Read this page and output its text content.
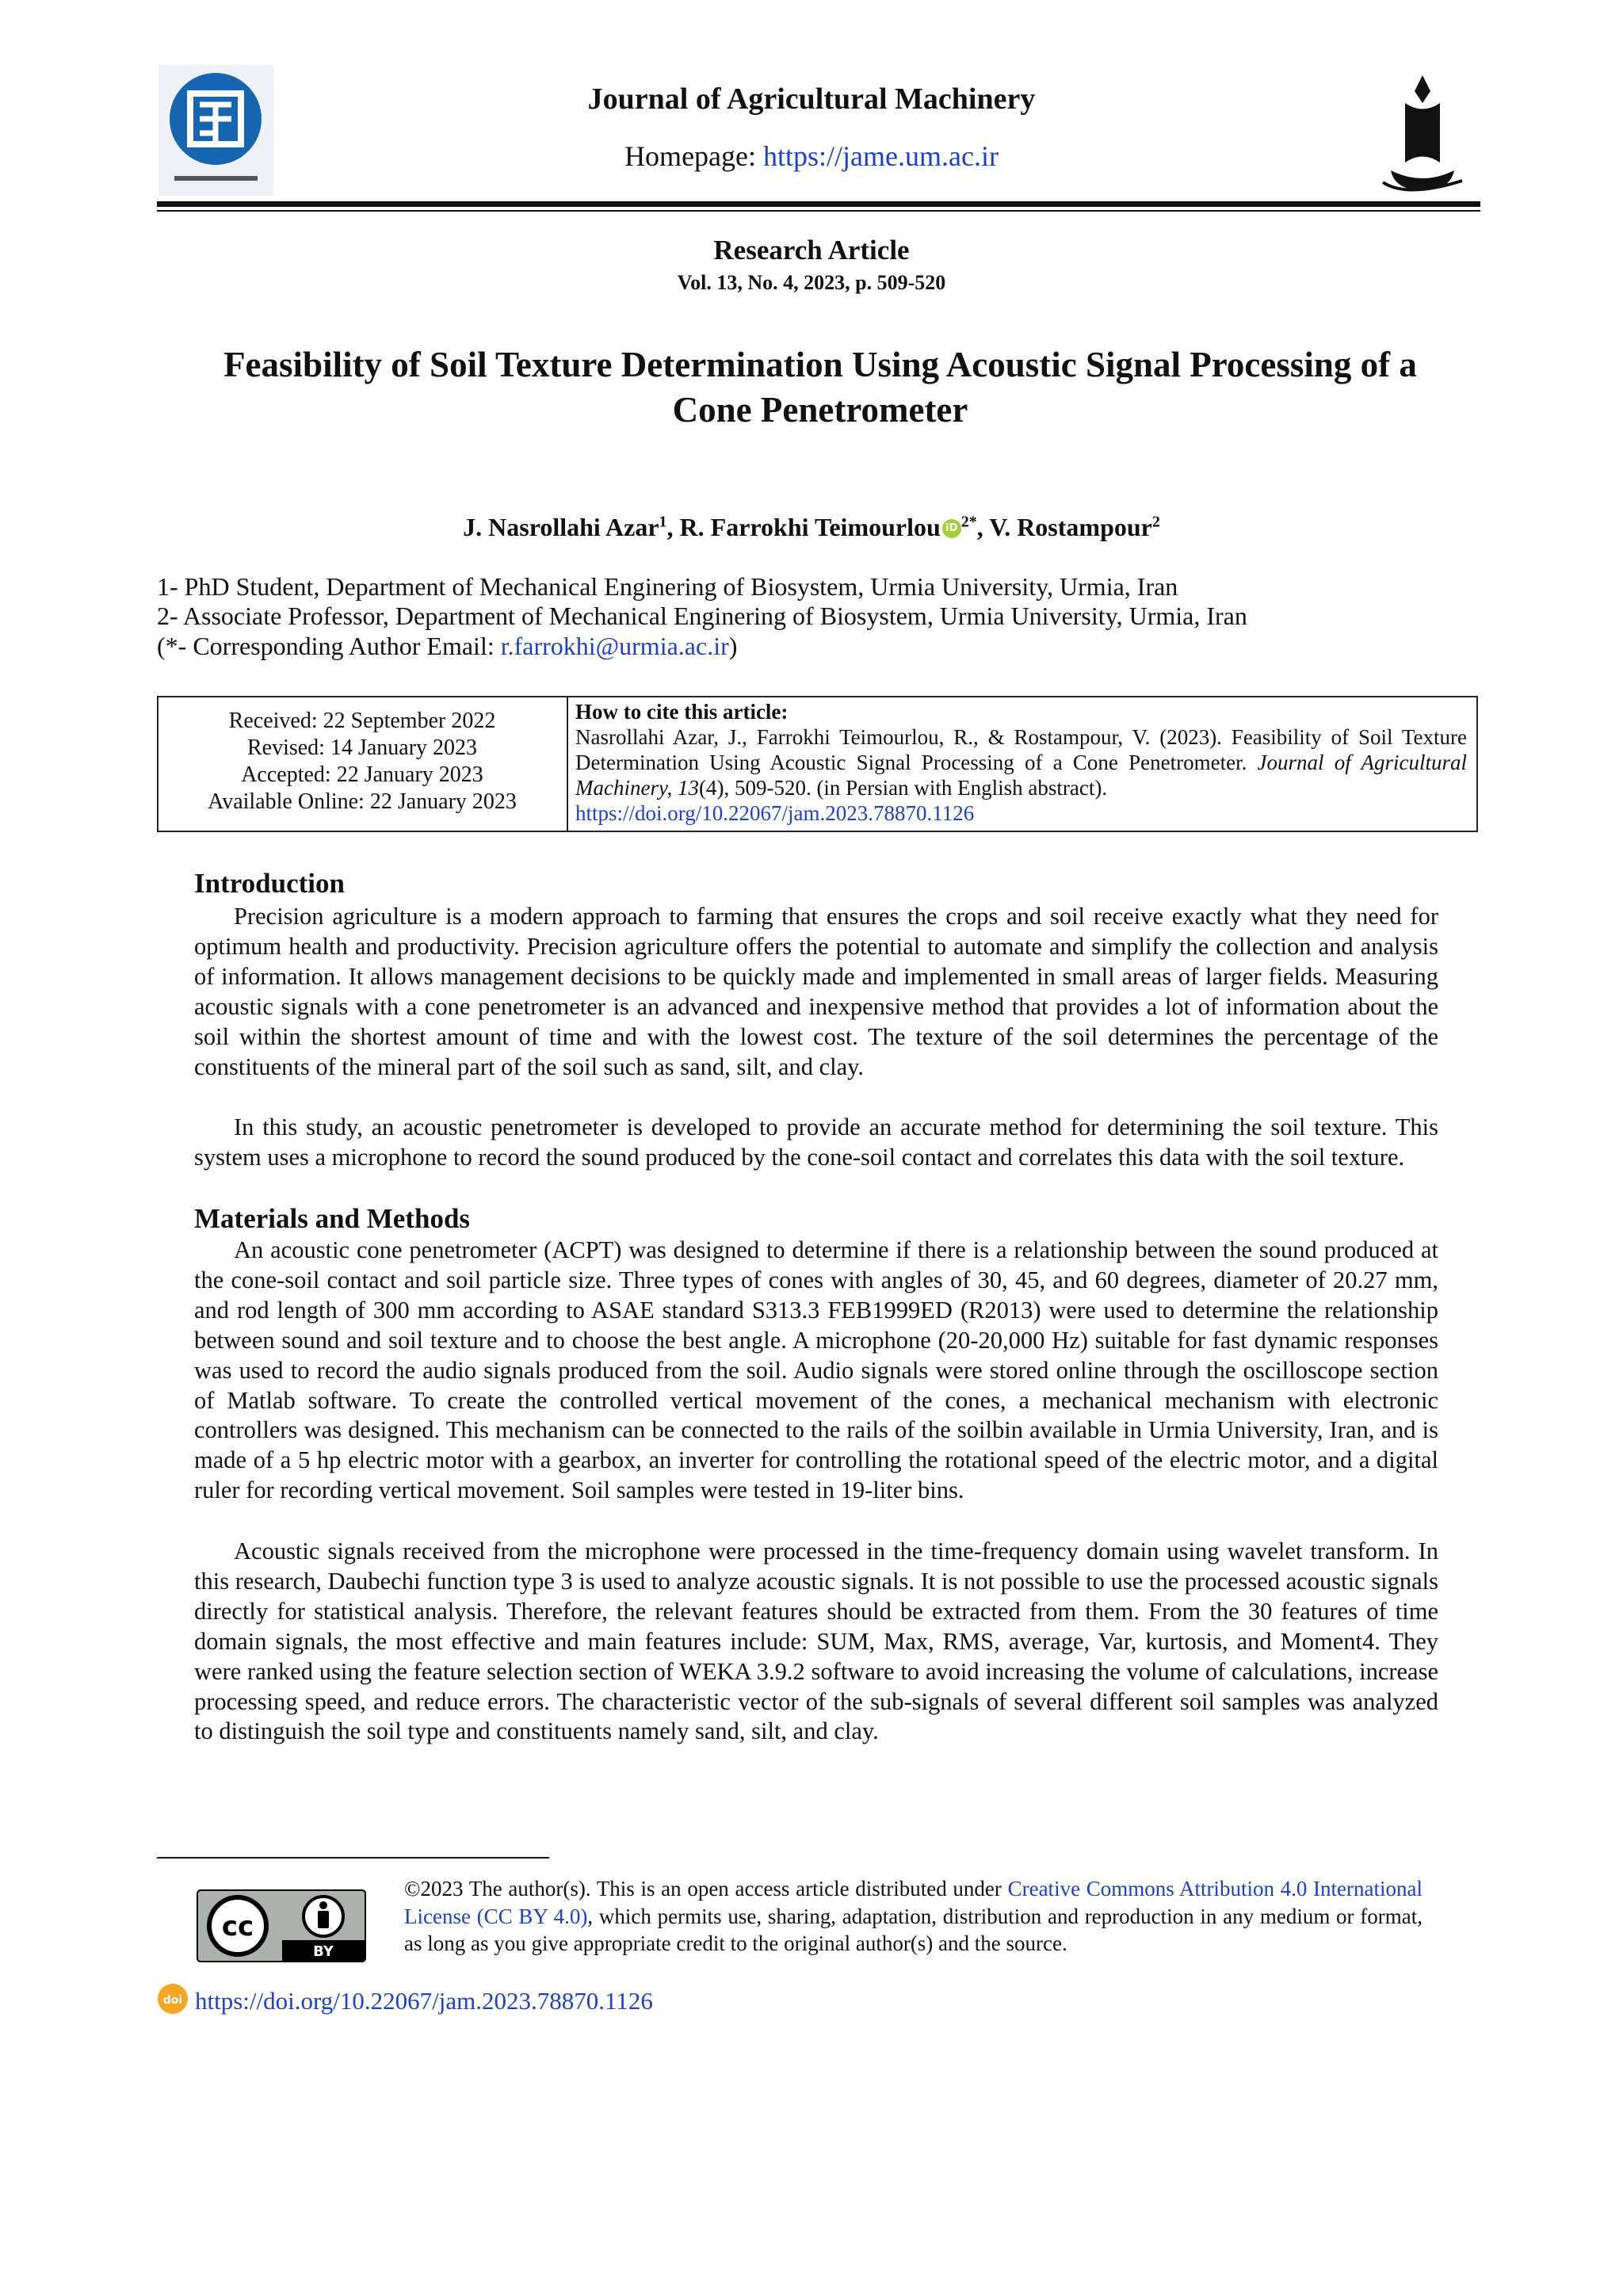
Journal of Agricultural Machinery
Homepage: https://jame.um.ac.ir
Research Article
Vol. 13, No. 4, 2023, p. 509-520
Feasibility of Soil Texture Determination Using Acoustic Signal Processing of a
Cone Penetrometer
J. Nasrollahi Azar$^1$, R. Farrokhi Teimourlou iD $^{2*}$, V. Rostampour$^2$
1- PhD Student, Department of Mechanical Enginering of Biosystem, Urmia University, Urmia, Iran
2- Associate Professor, Department of Mechanical Enginering of Biosystem, Urmia University, Urmia, Iran
(*- Corresponding Author Email: r.farrokhi@urmia.ac.ir)
Received: 22 September 2022
Revised: 14 January 2023
Accepted: 22 January 2023
Available Online: 22 January 2023
How to cite this article:
Nasrollahi Azar, J., Farrokhi Teimourlou, R., & Rostampour, V. (2023). Feasibility of Soil Texture Determination Using Acoustic Signal Processing of a Cone Penetrometer. Journal of Agricultural Machinery, 13(4), 509-520. (in Persian with English abstract).
https://doi.org/10.22067/jam.2023.78870.1126
Introduction
Precision agriculture is a modern approach to farming that ensures the crops and soil receive exactly what they need for optimum health and productivity. Precision agriculture offers the potential to automate and simplify the collection and analysis of information. It allows management decisions to be quickly made and implemented in small areas of larger fields. Measuring acoustic signals with a cone penetrometer is an advanced and inexpensive method that provides a lot of information about the soil within the shortest amount of time and with the lowest cost. The texture of the soil determines the percentage of the constituents of the mineral part of the soil such as sand, silt, and clay.
In this study, an acoustic penetrometer is developed to provide an accurate method for determining the soil texture. This system uses a microphone to record the sound produced by the cone-soil contact and correlates this data with the soil texture.
Materials and Methods
An acoustic cone penetrometer (ACPT) was designed to determine if there is a relationship between the sound produced at the cone-soil contact and soil particle size. Three types of cones with angles of 30, 45, and 60 degrees, diameter of 20.27 mm, and rod length of 300 mm according to ASAE standard S313.3 FEB1999ED (R2013) were used to determine the relationship between sound and soil texture and to choose the best angle. A microphone (20-20,000 Hz) suitable for fast dynamic responses was used to record the audio signals produced from the soil. Audio signals were stored online through the oscilloscope section of Matlab software. To create the controlled vertical movement of the cones, a mechanical mechanism with electronic controllers was designed. This mechanism can be connected to the rails of the soilbin available in Urmia University, Iran, and is made of a 5 hp electric motor with a gearbox, an inverter for controlling the rotational speed of the electric motor, and a digital ruler for recording vertical movement. Soil samples were tested in 19-liter bins.
Acoustic signals received from the microphone were processed in the time-frequency domain using wavelet transform. In this research, Daubechi function type 3 is used to analyze acoustic signals. It is not possible to use the processed acoustic signals directly for statistical analysis. Therefore, the relevant features should be extracted from them. From the 30 features of time domain signals, the most effective and main features include: SUM, Max, RMS, average, Var, kurtosis, and Moment4. They were ranked using the feature selection section of WEKA 3.9.2 software to avoid increasing the volume of calculations, increase processing speed, and reduce errors. The characteristic vector of the sub-signals of several different soil samples was analyzed to distinguish the soil type and constituents namely sand, silt, and clay.
BY
cc
©2023 The author(s). This is an open access article distributed under Creative Commons Attribution 4.0 International License (CC BY 4.0), which permits use, sharing, adaptation, distribution and reproduction in any medium or format, as long as you give appropriate credit to the original author(s) and the source.
doi https://doi.org/10.22067/jam.2023.78870.1126
